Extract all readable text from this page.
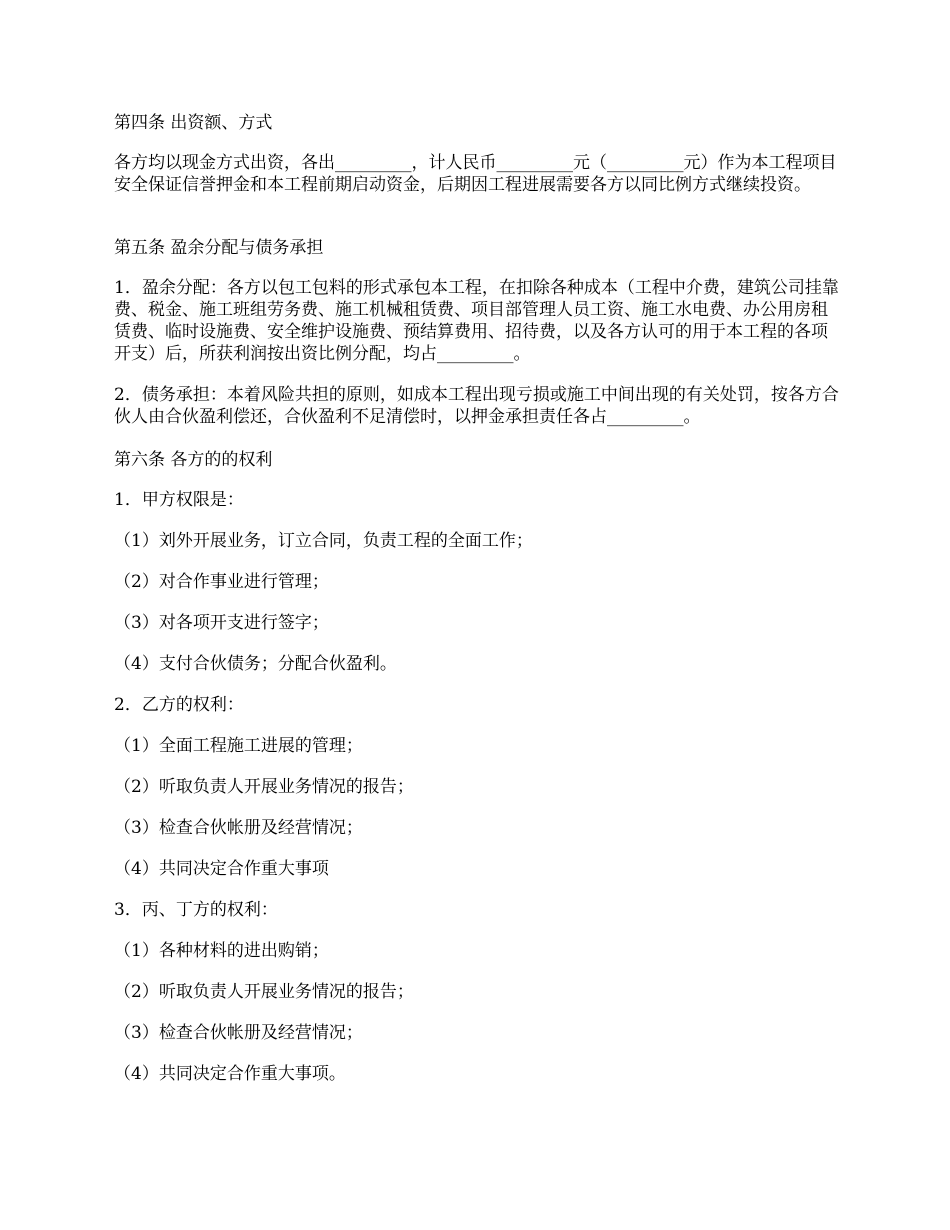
第四条 出资额、方式

各方均以现金方式出资，各出_________，计人民币_________元（_________元）作为本工程项目安全保证信誉押金和本工程前期启动资金，后期因工程进展需要各方以同比例方式继续投资。

第五条 盈余分配与债务承担

1．盈余分配：各方以包工包料的形式承包本工程，在扣除各种成本（工程中介费，建筑公司挂靠费、税金、施工班组劳务费、施工机械租赁费、项目部管理人员工资、施工水电费、办公用房租赁费、临时设施费、安全维护设施费、预结算费用、招待费，以及各方认可的用于本工程的各项开支）后，所获利润按出资比例分配，均占_________。

2．债务承担：本着风险共担的原则，如成本工程出现亏损或施工中间出现的有关处罚，按各方合伙人由合伙盈利偿还，合伙盈利不足清偿时，以押金承担责任各占_________。

第六条 各方的的权利

1．甲方权限是：

（1）刘外开展业务，订立合同，负责工程的全面工作；

（2）对合作事业进行管理；

（3）对各项开支进行签字；

（4）支付合伙债务；分配合伙盈利。

2．乙方的权利：

（1）全面工程施工进展的管理；

（2）听取负责人开展业务情况的报告；

（3）检查合伙帐册及经营情况；

（4）共同决定合作重大事项

3．丙、丁方的权利：

（1）各种材料的进出购销；

（2）听取负责人开展业务情况的报告；

（3）检查合伙帐册及经营情况；

（4）共同决定合作重大事项。
